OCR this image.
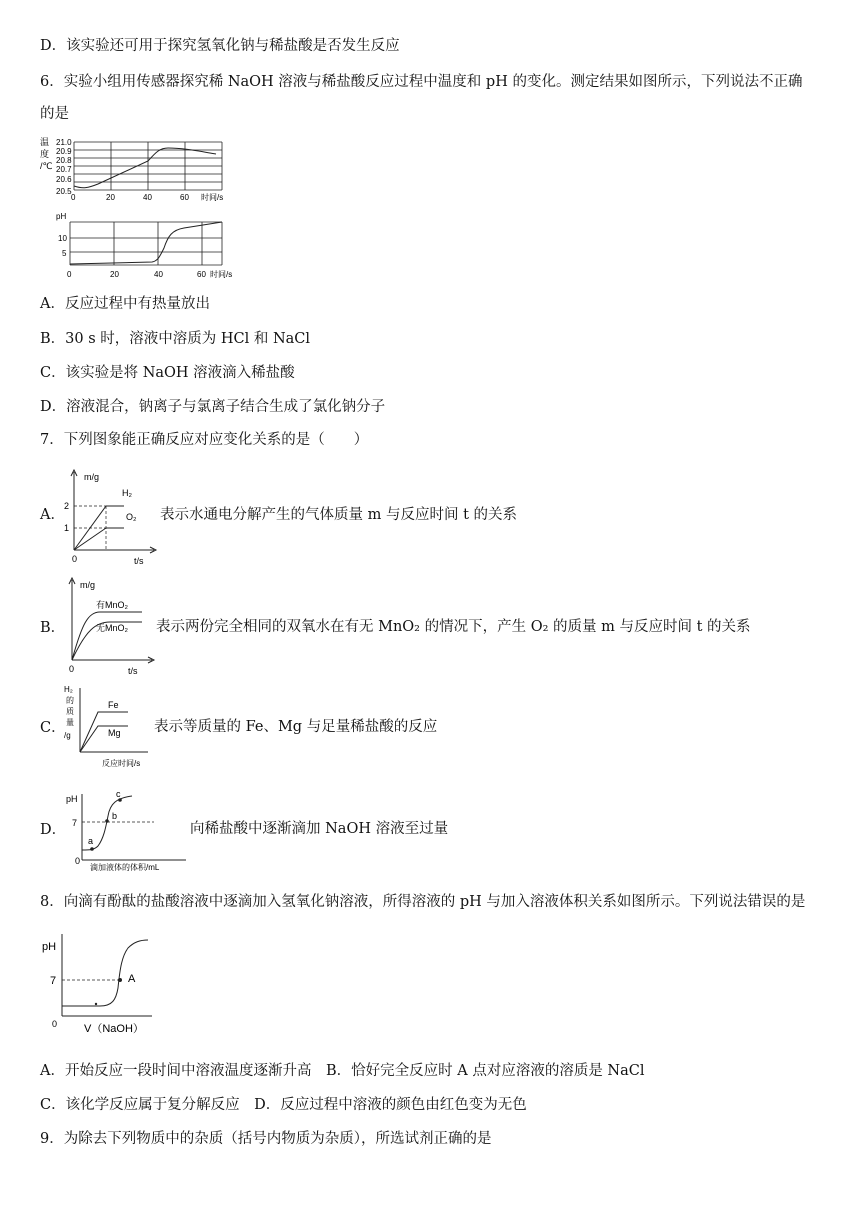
D．该实验还可用于探究氢氧化钠与稀盐酸是否发生反应
6．实验小组用传感器探究稀 NaOH 溶液与稀盐酸反应过程中温度和 pH 的变化。测定结果如图所示，下列说法不正确
的是
温
度
/℃
21.0
20.9
20.8
20.7
20.6
20.5
0	20	40	60 时间/s
pH
10
5
0	20	40	60 时间/s
A．反应过程中有热量放出
B．30 s 时，溶液中溶质为 HCl 和 NaCl
C．该实验是将 NaOH 溶液滴入稀盐酸
D．溶液混合，钠离子与氯离子结合生成了氯化钠分子
7．下列图象能正确反应对应变化关系的是（　　）
A．
m/g
2
1
H₂
O₂
0	t/s
表示水通电分解产生的气体质量 m 与反应时间 t 的关系
B．
m/g
有MnO₂
无MnO₂
0	t/s
表示两份完全相同的双氧水在有无 MnO₂ 的情况下，产生 O₂ 的质量 m 与反应时间 t 的关系
C．
H₂
的
质
量
/g
Fe
Mg
反应时间/s
表示等质量的 Fe、Mg 与足量稀盐酸的反应
D．
pH
7
a
b
c
0
滴加液体的体积/mL
向稀盐酸中逐渐滴加 NaOH 溶液至过量
8．向滴有酚酞的盐酸溶液中逐滴加入氢氧化钠溶液，所得溶液的 pH 与加入溶液体积关系如图所示。下列说法错误的是
pH
7	A
0 V（NaOH）
A．开始反应一段时间中溶液温度逐渐升高　B．恰好完全反应时 A 点对应溶液的溶质是 NaCl
C．该化学反应属于复分解反应　D．反应过程中溶液的颜色由红色变为无色
9．为除去下列物质中的杂质（括号内物质为杂质），所选试剂正确的是
